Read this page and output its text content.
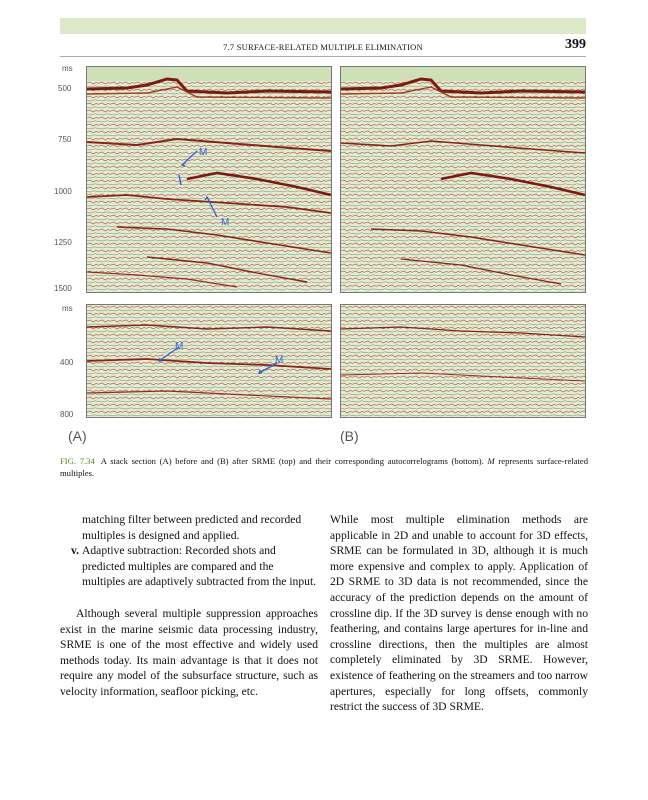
7.7 SURFACE-RELATED MULTIPLE ELIMINATION	399
ms
500
750
1000
1250
1500
M
M
ms
400
800
M
M
(A)	(B)
FIG. 7.34 A stack section (A) before and (B) after SRME (top) and their corresponding autocorrelograms (bottom). M represents surface-related multiples.
matching filter between predicted and recorded multiples is designed and applied.
v. Adaptive subtraction: Recorded shots and predicted multiples are compared and the multiples are adaptively subtracted from the input.

Although several multiple suppression approaches exist in the marine seismic data processing industry, SRME is one of the most effective and widely used methods today. Its main advantage is that it does not require any model of the subsurface structure, such as velocity information, seafloor picking, etc.

While most multiple elimination methods are applicable in 2D and unable to account for 3D effects, SRME can be formulated in 3D, although it is much more expensive and complex to apply. Application of 2D SRME to 3D data is not recommended, since the accuracy of the prediction depends on the amount of crossline dip. If the 3D survey is dense enough with no feathering, and contains large apertures for in-line and crossline directions, then the multiples are almost completely eliminated by 3D SRME. However, existence of feathering on the streamers and too narrow apertures, especially for long offsets, commonly restrict the success of 3D SRME.
